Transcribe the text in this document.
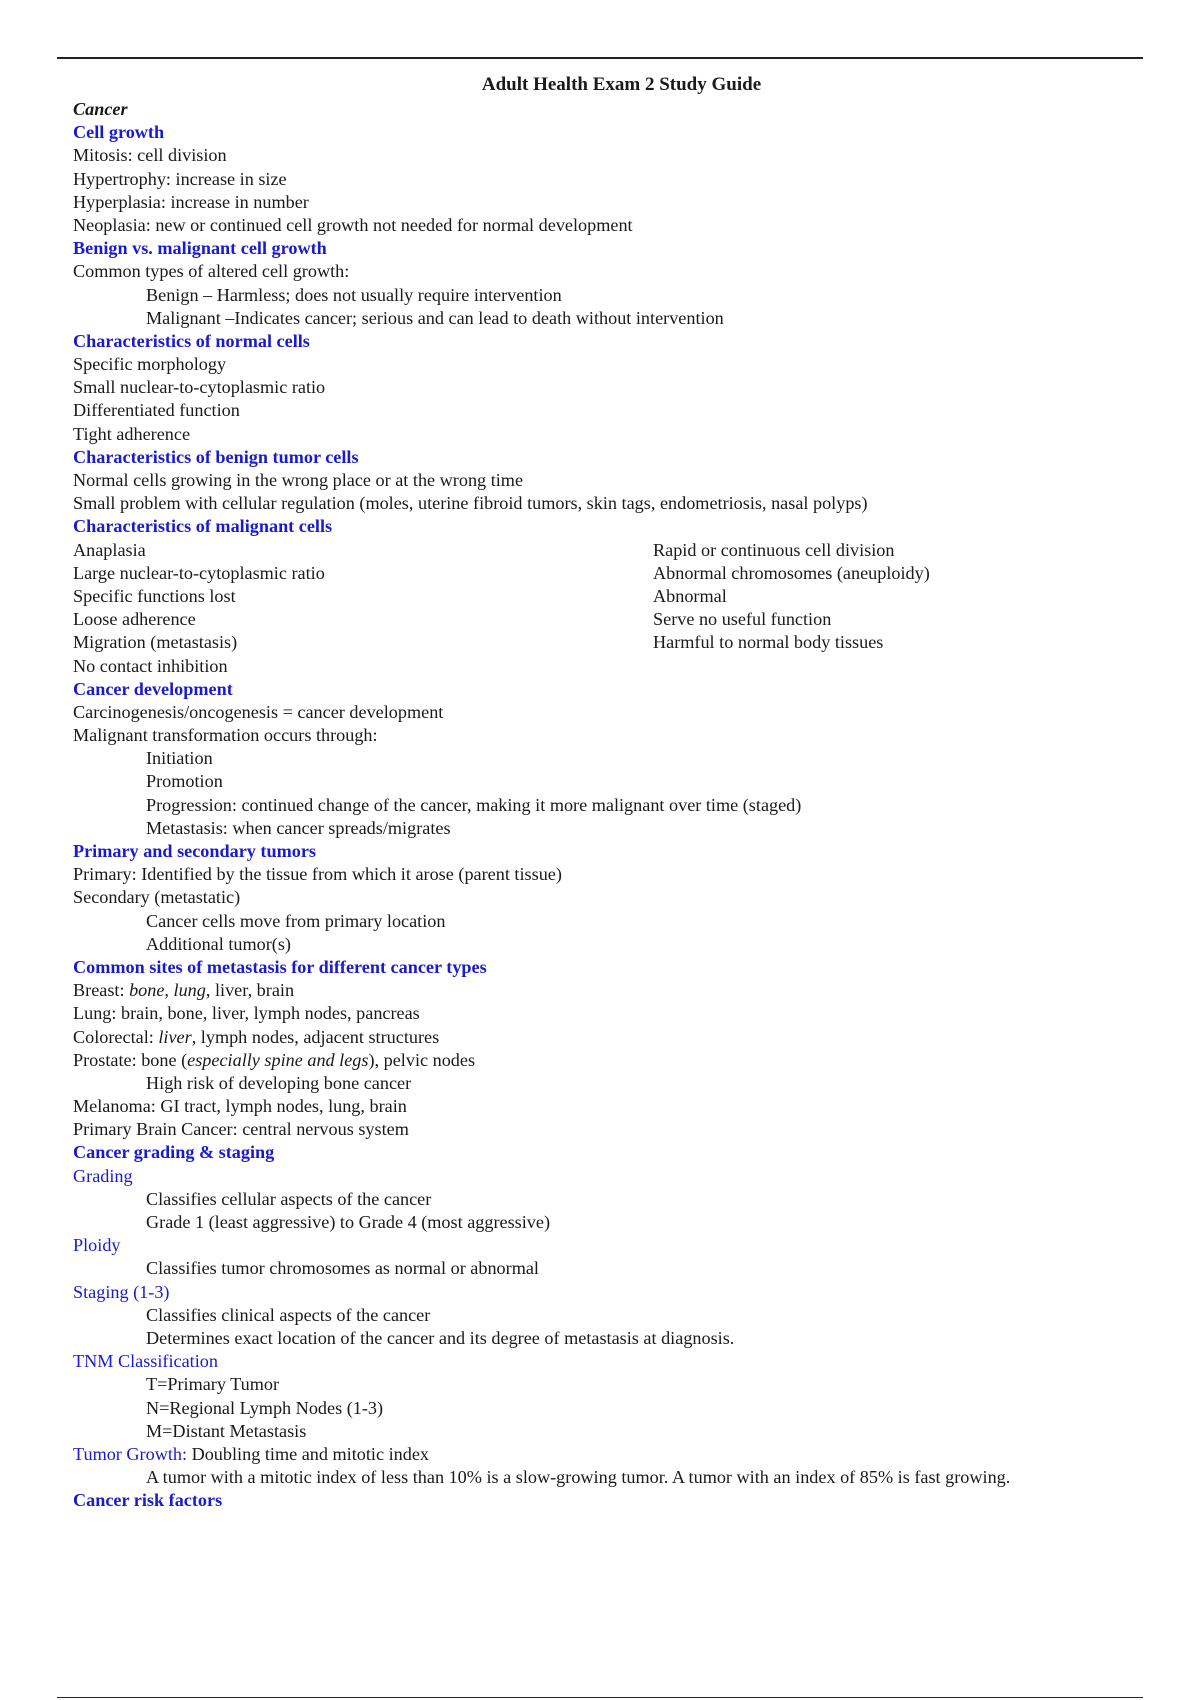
Adult Health Exam 2 Study Guide
Cancer
Cell growth
Mitosis: cell division
Hypertrophy: increase in size
Hyperplasia: increase in number
Neoplasia: new or continued cell growth not needed for normal development
Benign vs. malignant cell growth
Common types of altered cell growth:
Benign – Harmless; does not usually require intervention
Malignant –Indicates cancer; serious and can lead to death without intervention
Characteristics of normal cells
Specific morphology
Small nuclear-to-cytoplasmic ratio
Differentiated function
Tight adherence
Characteristics of benign tumor cells
Normal cells growing in the wrong place or at the wrong time
Small problem with cellular regulation (moles, uterine fibroid tumors, skin tags, endometriosis, nasal polyps)
Characteristics of malignant cells
Anaplasia
Large nuclear-to-cytoplasmic ratio
Specific functions lost
Loose adherence
Migration (metastasis)
No contact inhibition
Rapid or continuous cell division
Abnormal chromosomes (aneuploidy)
Abnormal
Serve no useful function
Harmful to normal body tissues
Cancer development
Carcinogenesis/oncogenesis = cancer development
Malignant transformation occurs through:
Initiation
Promotion
Progression: continued change of the cancer, making it more malignant over time (staged)
Metastasis: when cancer spreads/migrates
Primary and secondary tumors
Primary: Identified by the tissue from which it arose (parent tissue)
Secondary (metastatic)
Cancer cells move from primary location
Additional tumor(s)
Common sites of metastasis for different cancer types
Breast: bone, lung, liver, brain
Lung: brain, bone, liver, lymph nodes, pancreas
Colorectal: liver, lymph nodes, adjacent structures
Prostate: bone (especially spine and legs), pelvic nodes
High risk of developing bone cancer
Melanoma: GI tract, lymph nodes, lung, brain
Primary Brain Cancer: central nervous system
Cancer grading & staging
Grading
Classifies cellular aspects of the cancer
Grade 1 (least aggressive) to Grade 4 (most aggressive)
Ploidy
Classifies tumor chromosomes as normal or abnormal
Staging (1-3)
Classifies clinical aspects of the cancer
Determines exact location of the cancer and its degree of metastasis at diagnosis.
TNM Classification
T=Primary Tumor
N=Regional Lymph Nodes (1-3)
M=Distant Metastasis
Tumor Growth: Doubling time and mitotic index
A tumor with a mitotic index of less than 10% is a slow-growing tumor. A tumor with an index of 85% is fast growing.
Cancer risk factors
